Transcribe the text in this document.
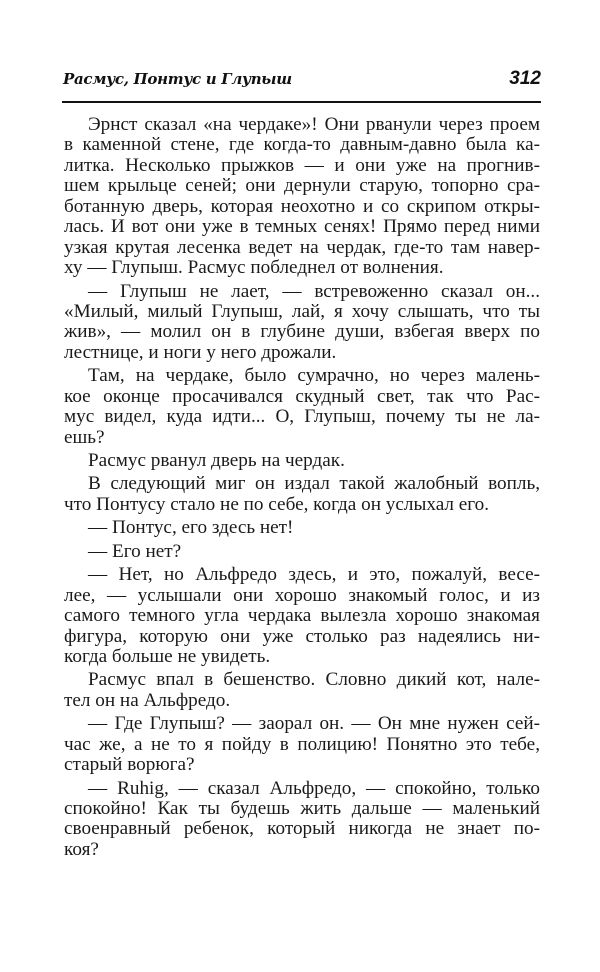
Расмус, Понтус и Глупыш	312
Эрнст сказал «на чердаке»! Они рванули через проем
в каменной стене, где когда-то давным-давно была ка-
литка. Несколько прыжков — и они уже на прогнив-
шем крыльце сеней; они дернули старую, топорно сра-
ботанную дверь, которая неохотно и со скрипом откры-
лась. И вот они уже в темных сенях! Прямо перед ними
узкая крутая лесенка ведет на чердак, где-то там навер-
ху — Глупыш. Расмус побледнел от волнения.
— Глупыш не лает, — встревоженно сказал он...
«Милый, милый Глупыш, лай, я хочу слышать, что ты
жив», — молил он в глубине души, взбегая вверх по
лестнице, и ноги у него дрожали.
Там, на чердаке, было сумрачно, но через малень-
кое оконце просачивался скудный свет, так что Рас-
мус видел, куда идти... О, Глупыш, почему ты не ла-
ешь?
Расмус рванул дверь на чердак.
В следующий миг он издал такой жалобный вопль,
что Понтусу стало не по себе, когда он услыхал его.
— Понтус, его здесь нет!
— Его нет?
— Нет, но Альфредо здесь, и это, пожалуй, весе-
лее, — услышали они хорошо знакомый голос, и из
самого темного угла чердака вылезла хорошо знакомая
фигура, которую они уже столько раз надеялись ни-
когда больше не увидеть.
Расмус впал в бешенство. Словно дикий кот, нале-
тел он на Альфредо.
— Где Глупыш? — заорал он. — Он мне нужен сей-
час же, а не то я пойду в полицию! Понятно это тебе,
старый ворюга?
— Ruhig, — сказал Альфредо, — спокойно, только
спокойно! Как ты будешь жить дальше — маленький
своенравный ребенок, который никогда не знает по-
коя?
